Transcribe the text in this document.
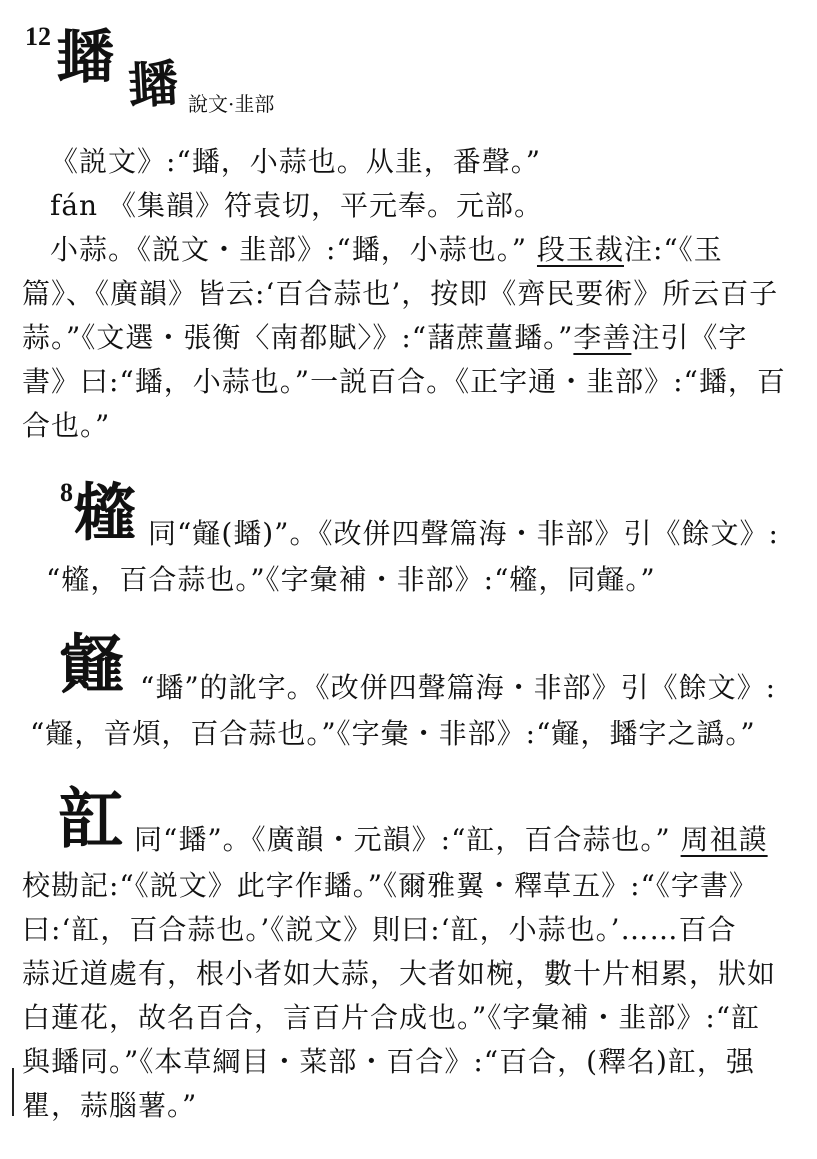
12 䪤 䪤 說文·韭部
《説文》:“䪤，小蒜也。从韭，番聲。”
fán 《集韻》符袁切，平元奉。元部。
小蒜。《説文・韭部》:“䪤，小蒜也。” 段玉裁注:“《玉
篇》、《廣韻》皆云:‘百合蒜也’，按即《齊民要術》所云百子
蒜。”《文選・張衡〈南都賦〉》:“藷蔗薑䪤。”李善注引《字
書》曰:“䪤，小蒜也。”一説百合。《正字通・韭部》:“䪤，百
合也。”
8 䪢 同“䪥(䪤)”。《改併四聲篇海・非部》引《餘文》:
“䪢，百合蒜也。”《字彙補・非部》:“䪢，同䪥。”
䪥 “䪤”的訛字。《改併四聲篇海・非部》引《餘文》:
“䪥，音煩，百合蒜也。”《字彙・非部》:“䪥，䪤字之譌。”
䪦 同“䪤”。《廣韻・元韻》:“䪦，百合蒜也。” 周祖謨
校勘記:“《説文》此字作䪤。”《爾雅翼・釋草五》:“《字書》
曰:‘䪦，百合蒜也。’《説文》則曰:‘䪦，小蒜也。’……百合
蒜近道處有，根小者如大蒜，大者如椀，數十片相累，狀如
白蓮花，故名百合，言百片合成也。”《字彙補・韭部》:“䪦
與䪤同。”《本草綱目・菜部・百合》:“百合，(釋名)䪦，强
瞿，蒜腦薯。”
